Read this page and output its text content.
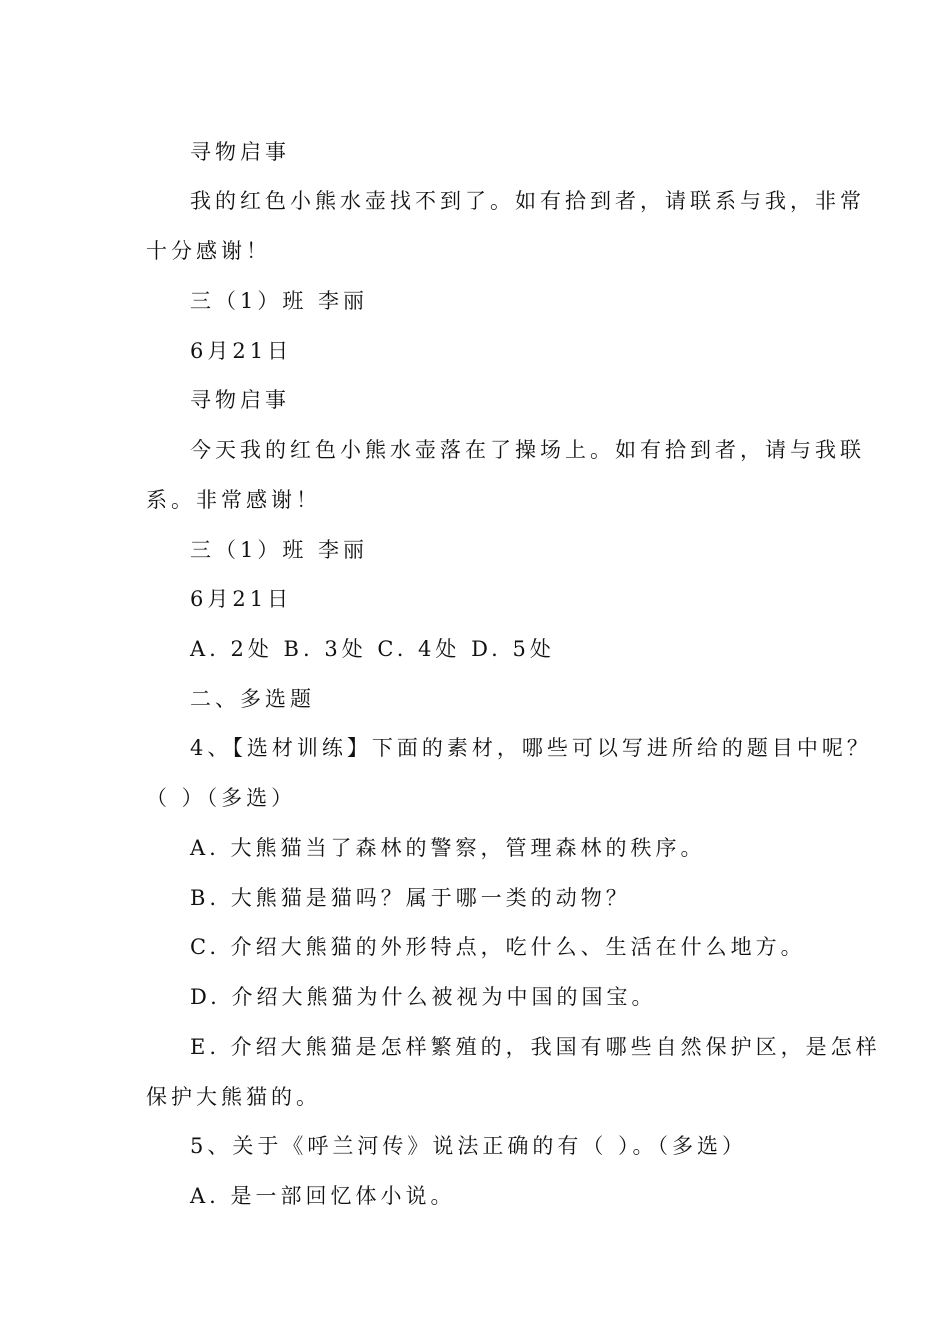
寻物启事
我的红色小熊水壶找不到了。如有拾到者，请联系与我，非常
十分感谢！
三（1）班 李丽
6月21日
寻物启事
今天我的红色小熊水壶落在了操场上。如有拾到者，请与我联
系。非常感谢！
三（1）班 李丽
6月21日
A. 2处 B. 3处 C. 4处 D. 5处
二、多选题
4、【选材训练】下面的素材，哪些可以写进所给的题目中呢？
（ ）（多选）
A. 大熊猫当了森林的警察，管理森林的秩序。
B. 大熊猫是猫吗？属于哪一类的动物？
C. 介绍大熊猫的外形特点，吃什么、生活在什么地方。
D. 介绍大熊猫为什么被视为中国的国宝。
E. 介绍大熊猫是怎样繁殖的，我国有哪些自然保护区，是怎样
保护大熊猫的。
5、关于《呼兰河传》说法正确的有（ ）。（多选）
A. 是一部回忆体小说。
